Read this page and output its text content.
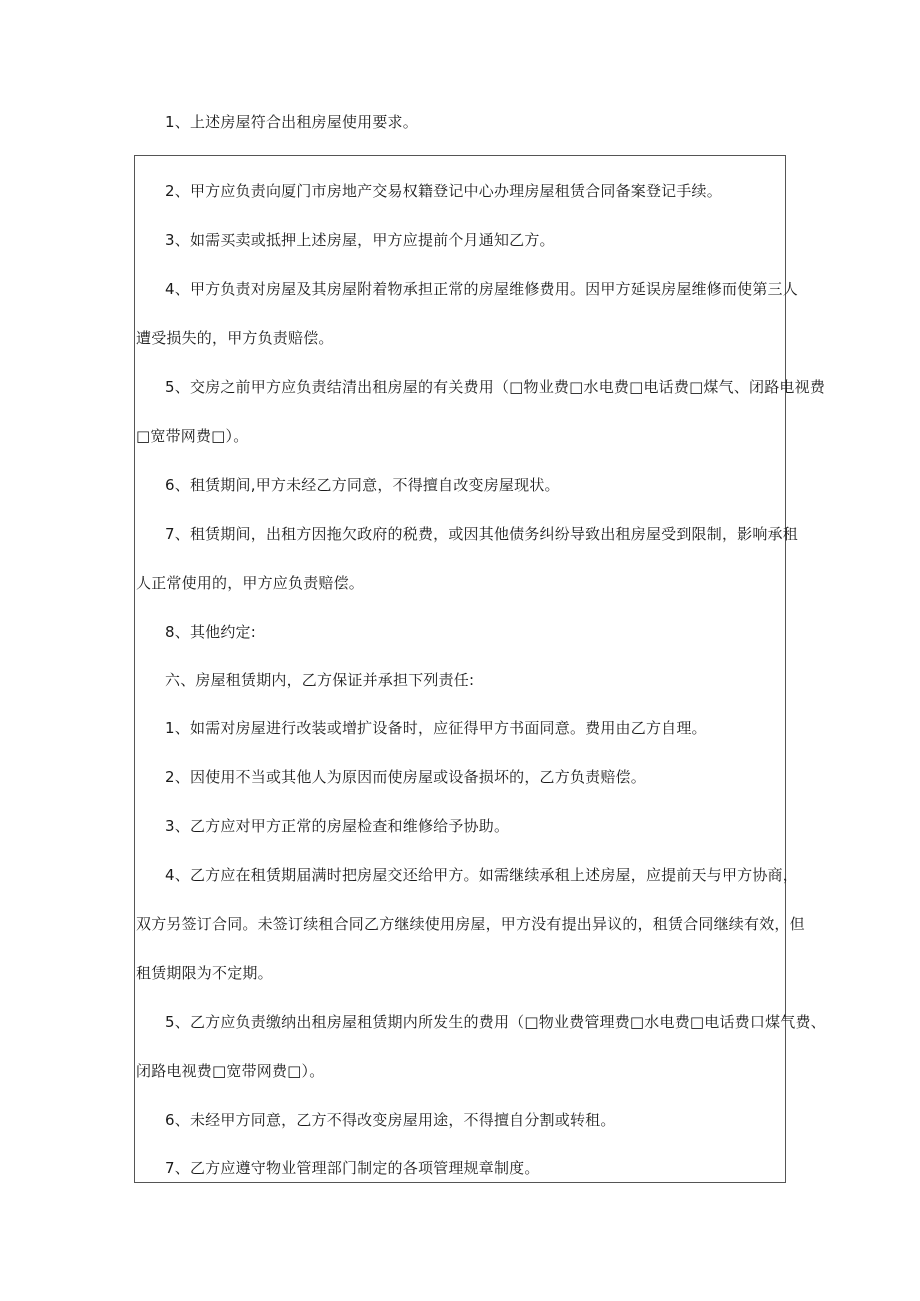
1、上述房屋符合出租房屋使用要求。
2、甲方应负责向厦门市房地产交易权籍登记中心办理房屋租赁合同备案登记手续。
3、如需买卖或抵押上述房屋，甲方应提前个月通知乙方。
4、甲方负责对房屋及其房屋附着物承担正常的房屋维修费用。因甲方延误房屋维修而使第三人
遭受损失的，甲方负责赔偿。
5、交房之前甲方应负责结清出租房屋的有关费用（□物业费□水电费□电话费□煤气、闭路电视费
□宽带网费□）。
6、租赁期间,甲方未经乙方同意，不得擅自改变房屋现状。
7、租赁期间，出租方因拖欠政府的税费，或因其他债务纠纷导致出租房屋受到限制，影响承租
人正常使用的，甲方应负责赔偿。
8、其他约定:
六、房屋租赁期内，乙方保证并承担下列责任:
1、如需对房屋进行改装或增扩设备时，应征得甲方书面同意。费用由乙方自理。
2、因使用不当或其他人为原因而使房屋或设备损坏的，乙方负责赔偿。
3、乙方应对甲方正常的房屋检查和维修给予协助。
4、乙方应在租赁期届满时把房屋交还给甲方。如需继续承租上述房屋，应提前天与甲方协商，
双方另签订合同。未签订续租合同乙方继续使用房屋，甲方没有提出异议的，租赁合同继续有效，但
租赁期限为不定期。
5、乙方应负责缴纳出租房屋租赁期内所发生的费用（□物业费管理费□水电费□电话费口煤气费、
闭路电视费□宽带网费□）。
6、未经甲方同意，乙方不得改变房屋用途，不得擅自分割或转租。
7、乙方应遵守物业管理部门制定的各项管理规章制度。
